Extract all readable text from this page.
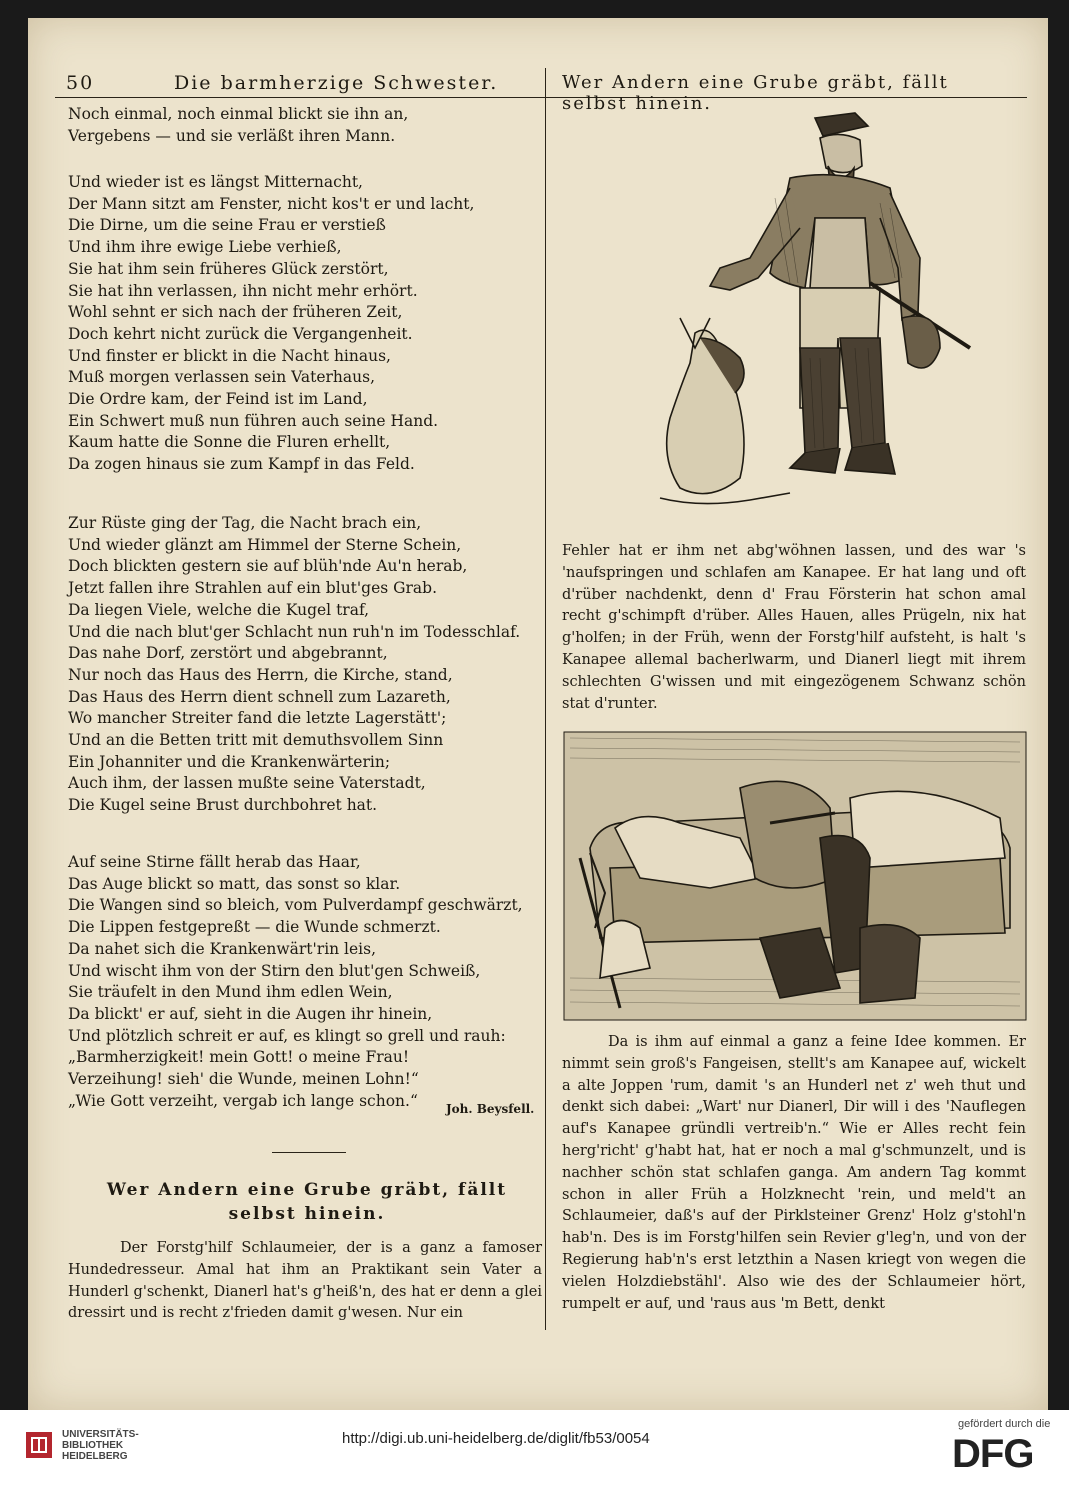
50	Die barmherzige Schwester.	Wer Andern eine Grube gräbt, fällt selbst hinein.

Noch einmal, noch einmal blickt sie ihn an,

Vergebens — und sie verläßt ihren Mann.

Und wieder ist es längst Mitternacht,

Der Mann sitzt am Fenster, nicht kos't er und lacht,

Die Dirne, um die seine Frau er verstieß

Und ihm ihre ewige Liebe verhieß,

Sie hat ihm sein früheres Glück zerstört,

Sie hat ihn verlassen, ihn nicht mehr erhört.

Wohl sehnt er sich nach der früheren Zeit,

Doch kehrt nicht zurück die Vergangenheit.

Und finster er blickt in die Nacht hinaus,

Muß morgen verlassen sein Vaterhaus,

Die Ordre kam, der Feind ist im Land,

Ein Schwert muß nun führen auch seine Hand.

Kaum hatte die Sonne die Fluren erhellt,

Da zogen hinaus sie zum Kampf in das Feld.

Zur Rüste ging der Tag, die Nacht brach ein,

Und wieder glänzt am Himmel der Sterne Schein,

Doch blickten gestern sie auf blüh'nde Au'n herab,

Jetzt fallen ihre Strahlen auf ein blut'ges Grab.

Da liegen Viele, welche die Kugel traf,

Und die nach blut'ger Schlacht nun ruh'n im Todesschlaf.

Das nahe Dorf, zerstört und abgebrannt,

Nur noch das Haus des Herrn, die Kirche, stand,

Das Haus des Herrn dient schnell zum Lazareth,

Wo mancher Streiter fand die letzte Lagerstätt';

Und an die Betten tritt mit demuthsvollem Sinn

Ein Johanniter und die Krankenwärterin;

Auch ihm, der lassen mußte seine Vaterstadt,

Die Kugel seine Brust durchbohret hat.

Auf seine Stirne fällt herab das Haar,

Das Auge blickt so matt, das sonst so klar.

Die Wangen sind so bleich, vom Pulverdampf geschwärzt,

Die Lippen festgepreßt — die Wunde schmerzt.

Da nahet sich die Krankenwärt'rin leis,

Und wischt ihm von der Stirn den blut'gen Schweiß,

Sie träufelt in den Mund ihm edlen Wein,

Da blickt' er auf, sieht in die Augen ihr hinein,

Und plötzlich schreit er auf, es klingt so grell und rauh:

„Barmherzigkeit! mein Gott! o meine Frau!

Verzeihung! sieh' die Wunde, meinen Lohn!“

„Wie Gott verzeiht, vergab ich lange schon.“	Joh. Beysfell.
Wer Andern eine Grube gräbt, fällt
selbst hinein.

Der Forstg'hilf Schlaumeier, der is a ganz a famoser Hundedresseur. Amal hat ihm an Praktikant sein Vater a Hunderl g'schenkt, Dianerl hat's g'heiß'n, des hat er denn a glei dressirt und is recht z'frieden damit g'wesen. Nur ein

Fehler hat er ihm net abg'wöhnen lassen, und des war 's 'naufspringen und schlafen am Kanapee. Er hat lang und oft d'rüber nachdenkt, denn d' Frau Försterin hat schon amal recht g'schimpft d'rüber. Alles Hauen, alles Prügeln, nix hat g'holfen; in der Früh, wenn der Forstg'hilf aufsteht, is halt 's Kanapee allemal bacherlwarm, und Dianerl liegt mit ihrem schlechten G'wissen und mit eingezögenem Schwanz schön stat d'runter.

Da is ihm auf einmal a ganz a feine Idee kommen. Er nimmt sein groß's Fangeisen, stellt's am Kanapee auf, wickelt a alte Joppen 'rum, damit 's an Hunderl net z' weh thut und denkt sich dabei: „Wart' nur Dianerl, Dir will i des 'Nauflegen auf's Kanapee gründli vertreib'n.“ Wie er Alles recht fein herg'richt' g'habt hat, hat er noch a mal g'schmunzelt, und is nachher schön stat schlafen ganga. Am andern Tag kommt schon in aller Früh a Holzknecht 'rein, und meld't an Schlaumeier, daß's auf der Pirklsteiner Grenz' Holz g'stohl'n hab'n. Des is im Forstg'hilfen sein Revier g'leg'n, und von der Regierung hab'n's erst letzthin a Nasen kriegt von wegen die vielen Holzdiebstähl'. Also wie des der Schlaumeier hört, rumpelt er auf, und 'raus aus 'm Bett, denkt

UNIVERSITÄTS-
BIBLIOTHEK
HEIDELBERG
http://digi.ub.uni-heidelberg.de/diglit/fb53/0054
gefördert durch die
DFG
